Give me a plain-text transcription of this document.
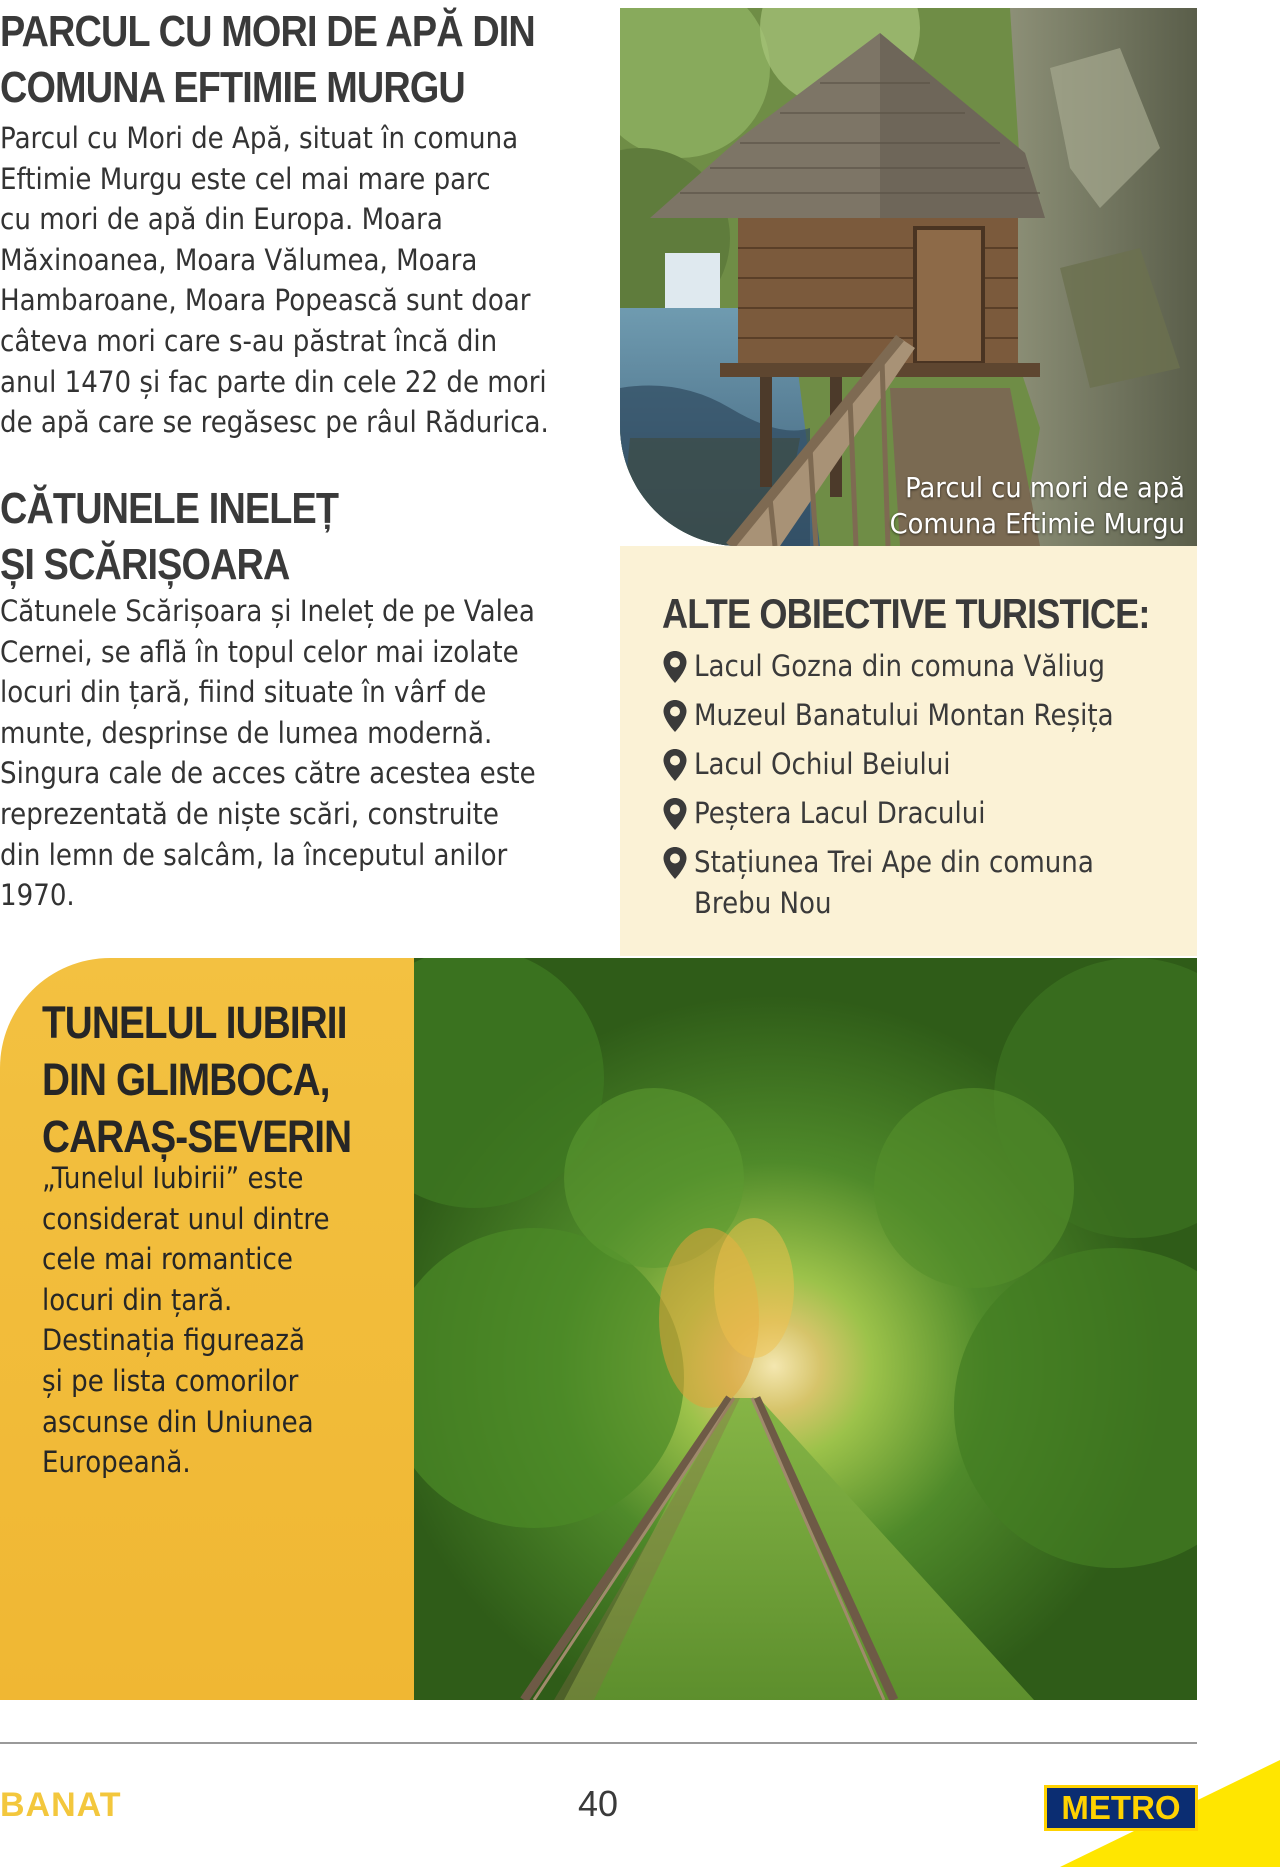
PARCUL CU MORI DE APĂ DIN
COMUNA EFTIMIE MURGU
Parcul cu Mori de Apă, situat în comuna
Eftimie Murgu este cel mai mare parc
cu mori de apă din Europa. Moara
Măxinoanea, Moara Vălumea, Moara
Hambaroane, Moara Popească sunt doar
câteva mori care s-au păstrat încă din
anul 1470 și fac parte din cele 22 de mori
de apă care se regăsesc pe râul Rădurica.
CĂTUNELE INELEȚ
ȘI SCĂRIȘOARA
Cătunele Scărișoara și Ineleț de pe Valea
Cernei, se află în topul celor mai izolate
locuri din țară, fiind situate în vârf de
munte, desprinse de lumea modernă.
Singura cale de acces către acestea este
reprezentată de niște scări, construite
din lemn de salcâm, la începutul anilor
1970.
Parcul cu mori de apă
Comuna Eftimie Murgu
ALTE OBIECTIVE TURISTICE:
Lacul Gozna din comuna Văliug
Muzeul Banatului Montan Reșița
Lacul Ochiul Beiului
Peștera Lacul Dracului
Stațiunea Trei Ape din comuna
Brebu Nou
TUNELUL IUBIRII
DIN GLIMBOCA,
CARAȘ-SEVERIN
„Tunelul Iubirii” este
considerat unul dintre
cele mai romantice
locuri din țară.
Destinația figurează
și pe lista comorilor
ascunse din Uniunea
Europeană.
BANAT	40	METRO
